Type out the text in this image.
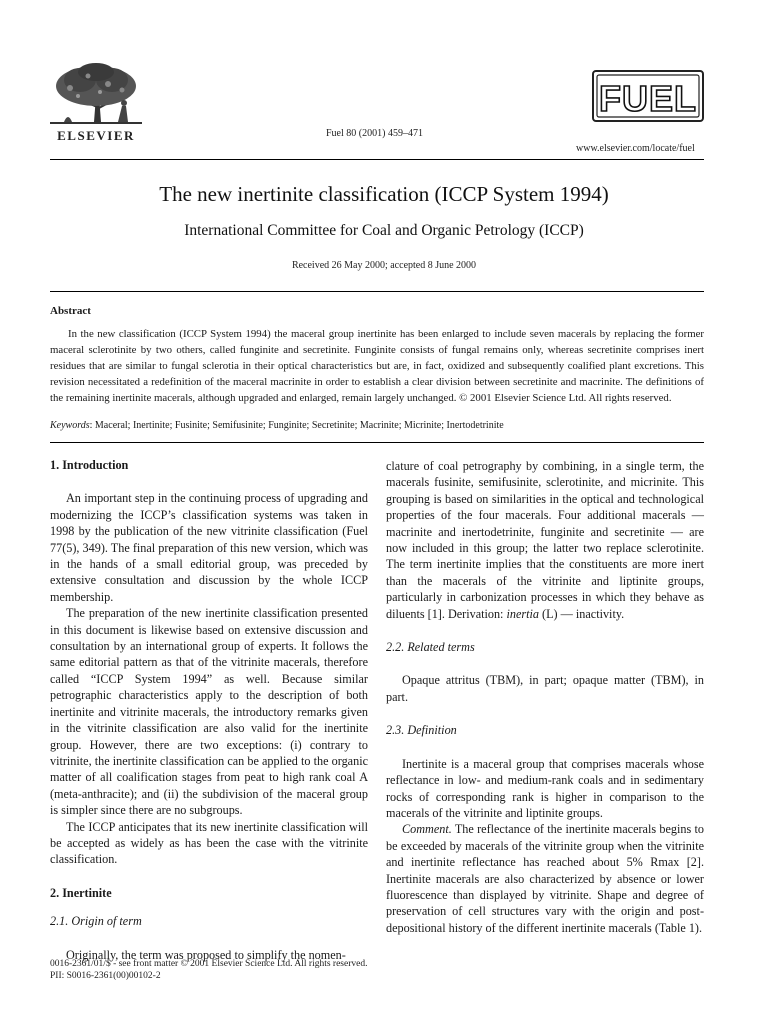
ELSEVIER	Fuel 80 (2001) 459–471
FUEL
www.elsevier.com/locate/fuel
The new inertinite classification (ICCP System 1994)
International Committee for Coal and Organic Petrology (ICCP)
Received 26 May 2000; accepted 8 June 2000
Abstract
In the new classification (ICCP System 1994) the maceral group inertinite has been enlarged to include seven macerals by replacing the former maceral sclerotinite by two others, called funginite and secretinite. Funginite consists of fungal remains only, whereas secretinite comprises inert residues that are similar to fungal sclerotia in their optical characteristics but are, in fact, oxidized and subsequently coalified plant excretions. This revision necessitated a redefinition of the maceral macrinite in order to establish a clear division between secretinite and macrinite. The definitions of the remaining inertinite macerals, although upgraded and enlarged, remain largely unchanged. © 2001 Elsevier Science Ltd. All rights reserved.
Keywords: Maceral; Inertinite; Fusinite; Semifusinite; Funginite; Secretinite; Macrinite; Micrinite; Inertodetrinite
1. Introduction

An important step in the continuing process of upgrading and modernizing the ICCP’s classification systems was taken in 1998 by the publication of the new vitrinite classification (Fuel 77(5), 349). The final preparation of this new version, which was in the hands of a small editorial group, was preceded by extensive consultation and discussion by the whole ICCP membership.

The preparation of the new inertinite classification presented in this document is likewise based on extensive discussion and consultation by an international group of experts. It follows the same editorial pattern as that of the vitrinite macerals, therefore called “ICCP System 1994” as well. Because similar petrographic characteristics apply to the description of both inertinite and vitrinite macerals, the introductory remarks given in the vitrinite classification are also valid for the inertinite group. However, there are two exceptions: (i) contrary to vitrinite, the inertinite classification can be applied to the organic matter of all coalification stages from peat to high rank coal A (meta-anthracite); and (ii) the subdivision of the maceral group is simpler since there are no subgroups.

The ICCP anticipates that its new inertinite classification will be accepted as widely as has been the case with the vitrinite classification.

2. Inertinite
2.1. Origin of term

Originally, the term was proposed to simplify the nomen-

clature of coal petrography by combining, in a single term, the macerals fusinite, semifusinite, sclerotinite, and micrinite. This grouping is based on similarities in the optical and technological properties of the four macerals. Four additional macerals — macrinite and inertodetrinite, funginite and secretinite — are now included in this group; the latter two replace sclerotinite. The term inertinite implies that the constituents are more inert than the macerals of the vitrinite and liptinite groups, particularly in carbonization processes in which they behave as diluents [1]. Derivation: inertia (L) — inactivity.

2.2. Related terms

Opaque attritus (TBM), in part; opaque matter (TBM), in part.

2.3. Definition

Inertinite is a maceral group that comprises macerals whose reflectance in low- and medium-rank coals and in sedimentary rocks of corresponding rank is higher in comparison to the macerals of the vitrinite and liptinite groups.

Comment. The reflectance of the inertinite macerals begins to be exceeded by macerals of the vitrinite group when the vitrinite and inertinite reflectance has reached about 5% Rmax [2]. Inertinite macerals are also characterized by absence or lower fluorescence than displayed by vitrinite. Shape and degree of preservation of cell structures vary with the origin and post-depositional history of the different inertinite macerals (Table 1).

0016-2361/01/$ - see front matter © 2001 Elsevier Science Ltd. All rights reserved.
PII: S0016-2361(00)00102-2
